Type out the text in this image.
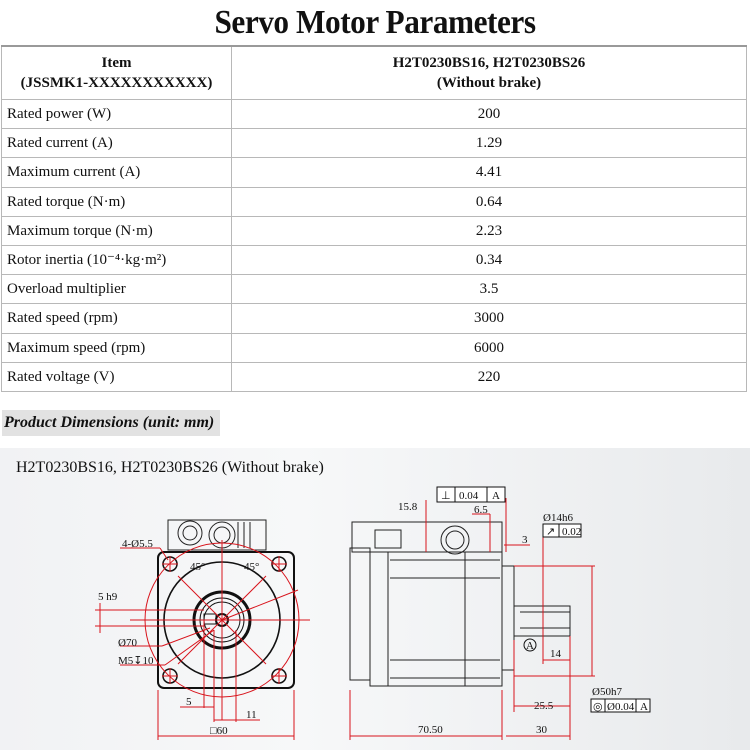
Servo Motor Parameters
Item
(JSSMK1-XXXXXXXXXXX)

H2T0230BS16, H2T0230BS26
(Without brake)

Rated power (W)	200
Rated current (A)	1.29
Maximum current (A)	4.41
Rated torque (N·m)	0.64
Maximum torque (N·m)	2.23
Rotor inertia (10⁻⁴·kg·m²)	0.34
Overload multiplier	3.5
Rated speed (rpm)	3000
Maximum speed (rpm)	6000
Rated voltage (V)	220
Product Dimensions (unit: mm)
H2T0230BS16, H2T0230BS26 (Without brake)
4-Ø5.5
45°	45°
5 h9
Ø70
M5↧10
5
11
□60
⊥ 0.04 A
15.8	6.5
Ø14h6
↗ 0.02
3
A
14
Ø50h7
◎ Ø0.04 A
25.5
30
70.50
